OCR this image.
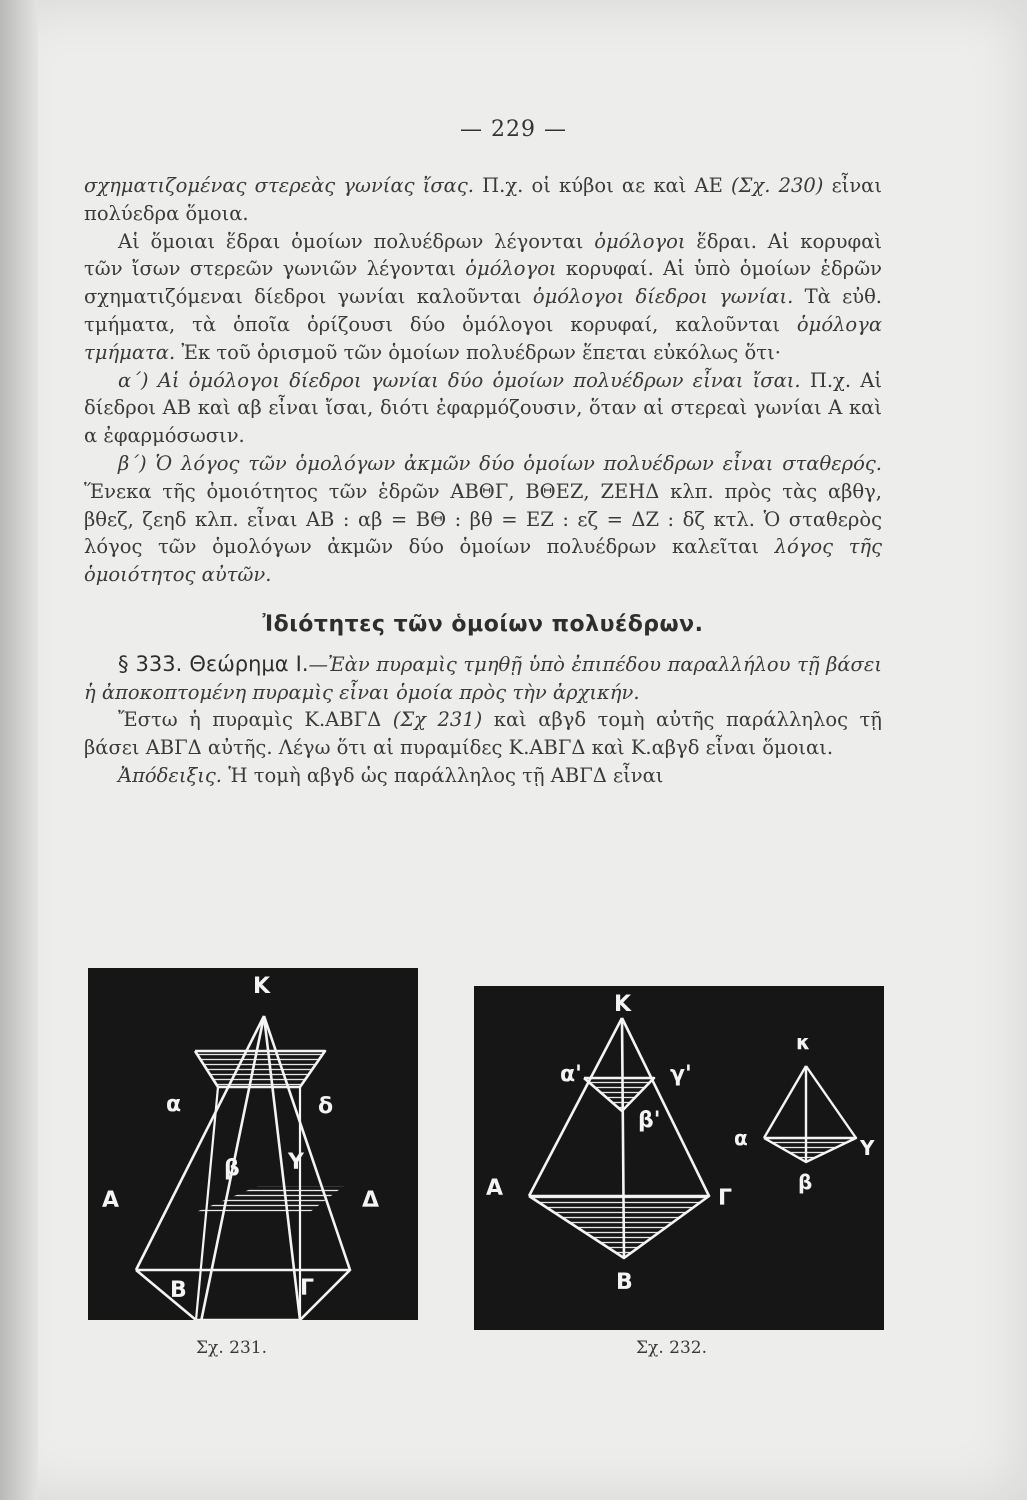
— 229 —

σχηματιζομένας στερεὰς γωνίας ἴσας. Π.χ. οἱ κύβοι αε καὶ ΑΕ (Σχ. 230) εἶναι πολύεδρα ὅμοια.

Αἱ ὅμοιαι ἕδραι ὁμοίων πολυέδρων λέγονται ὁμόλογοι ἕδραι. Αἱ κορυφαὶ τῶν ἴσων στερεῶν γωνιῶν λέγονται ὁμόλογοι κορυφαί. Αἱ ὑπὸ ὁμοίων ἑδρῶν σχηματιζόμεναι δίεδροι γωνίαι καλοῦνται ὁμόλογοι δίεδροι γωνίαι. Τὰ εὐθ. τμήματα, τὰ ὁποῖα ὁρίζουσι δύο ὁμόλογοι κορυφαί, καλοῦνται ὁμόλογα τμήματα. Ἐκ τοῦ ὁρισμοῦ τῶν ὁμοίων πολυέδρων ἕπεται εὐκόλως ὅτι·

α΄) Αἱ ὁμόλογοι δίεδροι γωνίαι δύο ὁμοίων πολυέδρων εἶναι ἴσαι. Π.χ. Αἱ δίεδροι ΑΒ καὶ αβ εἶναι ἴσαι, διότι ἐφαρμόζουσιν, ὅταν αἱ στερεαὶ γωνίαι Α καὶ α ἐφαρμόσωσιν.

β΄) Ὁ λόγος τῶν ὁμολόγων ἀκμῶν δύο ὁμοίων πολυέδρων εἶναι σταθερός. Ἕνεκα τῆς ὁμοιότητος τῶν ἑδρῶν ΑΒΘΓ, ΒΘΕΖ, ΖΕΗΔ κλπ. πρὸς τὰς αβθγ, βθεζ, ζεηδ κλπ. εἶναι ΑΒ : αβ = ΒΘ : βθ = ΕΖ : εζ = ΔΖ : δζ κτλ. Ὁ σταθερὸς λόγος τῶν ὁμολόγων ἀκμῶν δύο ὁμοίων πολυέδρων καλεῖται λόγος τῆς ὁμοιότητος αὐτῶν.

Ἰδιότητες τῶν ὁμοίων πολυέδρων.

§ 333. Θεώρημα Ι.—Ἐὰν πυραμὶς τμηθῇ ὑπὸ ἐπιπέδου παραλλήλου τῇ βάσει ἡ ἀποκοπτομένη πυραμὶς εἶναι ὁμοία πρὸς τὴν ἀρχικήν.

Ἔστω ἡ πυραμὶς Κ.ΑΒΓΔ (Σχ 231) καὶ αβγδ τομὴ αὐτῆς παράλληλος τῇ βάσει ΑΒΓΔ αὐτῆς. Λέγω ὅτι αἱ πυραμίδες Κ.ΑΒΓΔ καὶ Κ.αβγδ εἶναι ὅμοιαι.

Ἀπόδειξις. Ἡ τομὴ αβγδ ὡς παράλληλος τῇ ΑΒΓΔ εἶναι

K
α	δ
β Υ
Α	Δ
Β	Γ
K
α'	γ'
β'
Α	Γ
Β
κ
α	Υ
β
Σχ. 231.	Σχ. 232.
